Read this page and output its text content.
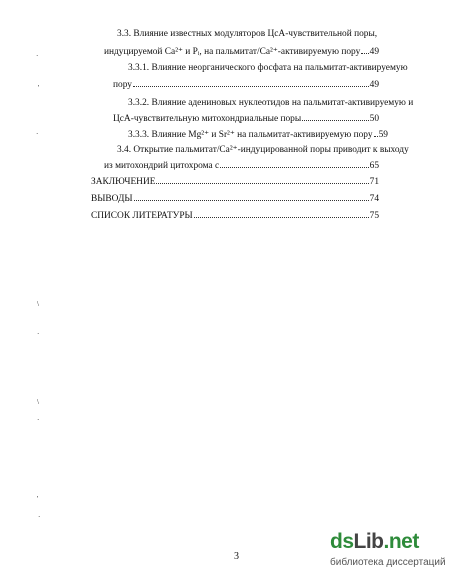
·
'
·
\
·
\
·
'
·
3.3. Влияние известных модуляторов ЦсА-чувствительной поры,
индуцируемой Ca²⁺ и Pᵢ, на пальмитат/Ca²⁺-активируемую пору 49
3.3.1. Влияние неорганического фосфата на пальмитат-активируемую
пору	49
3.3.2. Влияние адениновых нуклеотидов на пальмитат-активируемую и
ЦсА-чувствительную митохондриальные поры	50
3.3.3. Влияние Mg²⁺ и Sr²⁺ на пальмитат-активируемую пору 59
3.4. Открытие пальмитат/Ca²⁺-индуцированной поры приводит к выходу
из митохондрий цитохрома с	65
ЗАКЛЮЧЕНИЕ	71
ВЫВОДЫ	74
СПИСОК ЛИТЕРАТУРЫ	75
3
dsLib.net
библиотека диссертаций
